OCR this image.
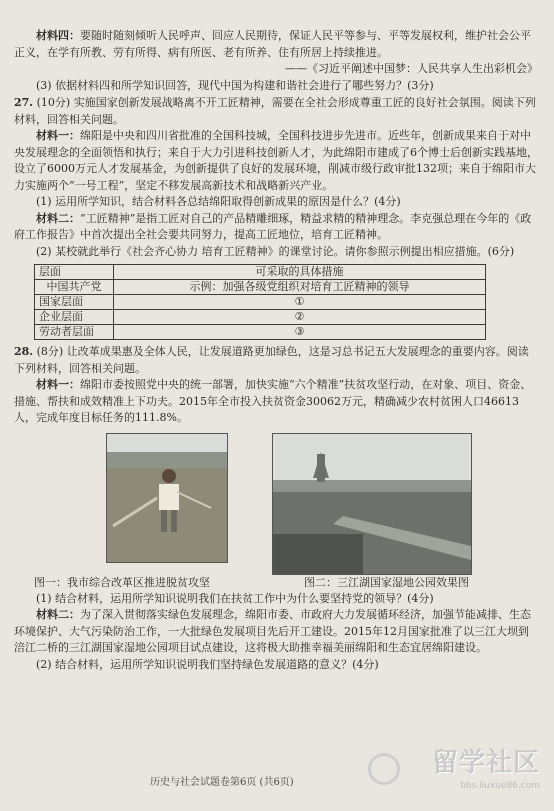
材料四：要随时随刻倾听人民呼声、回应人民期待，保证人民平等参与、平等发展权利，维护社会公平正义，在学有所教、劳有所得、病有所医、老有所养、住有所居上持续推进。

——《习近平阐述中国梦：人民共享人生出彩机会》

(3) 依据材料四和所学知识回答，现代中国为构建和谐社会进行了哪些努力？(3分)

27. (10分) 实施国家创新发展战略离不开工匠精神，需要在全社会形成尊重工匠的良好社会氛围。阅读下列材料，回答相关问题。

材料一：绵阳是中央和四川省批准的全国科技城，全国科技进步先进市。近些年，创新成果来自于对中央发展理念的全面领悟和执行；来自于大力引进科技创新人才，为此绵阳市建成了6个博士后创新实践基地，设立了6000万元人才发展基金，为创新提供了良好的发展环境，削减市级行政审批132项；来自于绵阳市大力实施两个“一号工程”，坚定不移发展高新技术和战略新兴产业。

(1) 运用所学知识，结合材料各总结绵阳取得创新成果的原因是什么？(4分)

材料二：“工匠精神”是指工匠对自己的产品精雕细琢，精益求精的精神理念。李克强总理在今年的《政府工作报告》中首次提出全社会要共同努力，提高工匠地位，培育工匠精神。

(2) 某校就此举行《社会齐心协力 培育工匠精神》的课堂讨论。请你参照示例提出相应措施。(6分)

层面	可采取的具体措施
中国共产党	示例：加强各级党组织对培育工匠精神的领导
国家层面	①
企业层面	②
劳动者层面	③

28. (8分) 让改革成果惠及全体人民，让发展道路更加绿色，这是习总书记五大发展理念的重要内容。阅读下列材料，回答相关问题。

材料一：绵阳市委按照党中央的统一部署，加快实施“六个精准”扶贫攻坚行动，在对象、项目、资金、措施、帮扶和成效精准上下功夫。2015年全市投入扶贫资金30062万元，精确减少农村贫困人口46613人，完成年度目标任务的111.8%。

图一：我市综合改革区推进脱贫攻坚	图二：三江湖国家湿地公园效果图

(1) 结合材料，运用所学知识说明我们在扶贫工作中为什么要坚持党的领导？(4分)

材料二：为了深入贯彻落实绿色发展理念，绵阳市委、市政府大力发展循环经济，加强节能减排、生态环境保护、大气污染防治工作，一大批绿色发展项目先后开工建设。2015年12月国家批准了以三江大坝到涪江二桥的三江湖国家湿地公园项目试点建设，这将极大助推幸福美丽绵阳和生态宜居绵阳建设。

(2) 结合材料，运用所学知识说明我们坚持绿色发展道路的意义？(4分)

历史与社会试题卷第6页 (共6页)
留学社区
bbs.liuxue86.com
